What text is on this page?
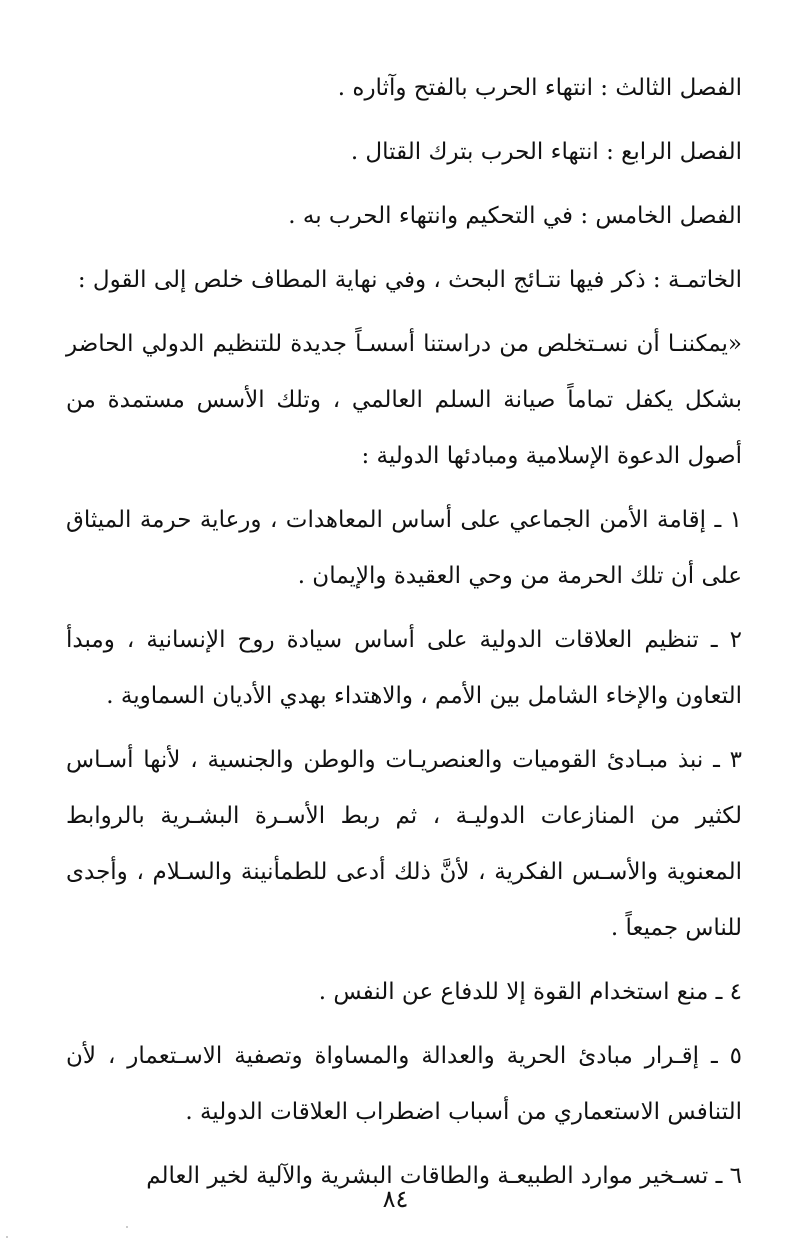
الفصل الثالث : انتهاء الحرب بالفتح وآثاره .

الفصل الرابع : انتهاء الحرب بترك القتال .

الفصل الخامس : في التحكيم وانتهاء الحرب به .

الخاتمـة : ذكر فيها نتـائج البحث ، وفي نهاية المطاف خلص إلى القول :

«يمكننـا أن نسـتخلص من دراستنا أسسـاً جديدة للتنظيم الدولي الحاضر بشكل يكفل تماماً صيانة السلم العالمي ، وتلك الأسس مستمدة من أصول الدعوة الإسلامية ومبادئها الدولية :

١ ـ إقامة الأمن الجماعي على أساس المعاهدات ، ورعاية حرمة الميثاق على أن تلك الحرمة من وحي العقيدة والإيمان .

٢ ـ تنظيم العلاقات الدولية على أساس سيادة روح الإنسانية ، ومبدأ التعاون والإخاء الشامل بين الأمم ، والاهتداء بهدي الأديان السماوية .

٣ ـ نبذ مبـادئ القوميات والعنصريـات والوطن والجنسية ، لأنها أسـاس لكثير من المنازعات الدوليـة ، ثم ربط الأسـرة البشـرية بالروابط المعنوية والأسـس الفكرية ، لأنَّ ذلك أدعى للطمأنينة والسـلام ، وأجدى للناس جميعاً .

٤ ـ منع استخدام القوة إلا للدفاع عن النفس .

٥ ـ إقـرار مبادئ الحرية والعدالة والمساواة وتصفية الاسـتعمار ، لأن التنافس الاستعماري من أسباب اضطراب العلاقات الدولية .

٦ ـ تسـخير موارد الطبيعـة والطاقات البشرية والآلية لخير العالم

٨٤
